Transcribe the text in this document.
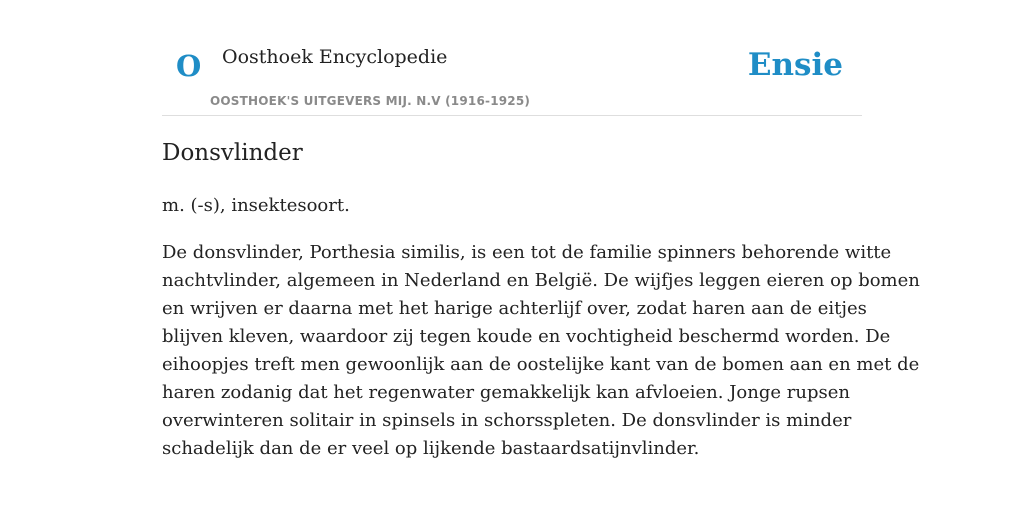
O Oosthoek Encyclopedie
OOSTHOEK'S UITGEVERS MIJ. N.V (1916-1925)
Ensie
Donsvlinder

m. (-s), insektesoort.

De donsvlinder, Porthesia similis, is een tot de familie spinners behorende witte
nachtvlinder, algemeen in Nederland en België. De wijfjes leggen eieren op bomen
en wrijven er daarna met het harige achterlijf over, zodat haren aan de eitjes
blijven kleven, waardoor zij tegen koude en vochtigheid beschermd worden. De
eihoopjes treft men gewoonlijk aan de oostelijke kant van de bomen aan en met de
haren zodanig dat het regenwater gemakkelijk kan afvloeien. Jonge rupsen
overwinteren solitair in spinsels in schorsspleten. De donsvlinder is minder
schadelijk dan de er veel op lijkende bastaardsatijnvlinder.
